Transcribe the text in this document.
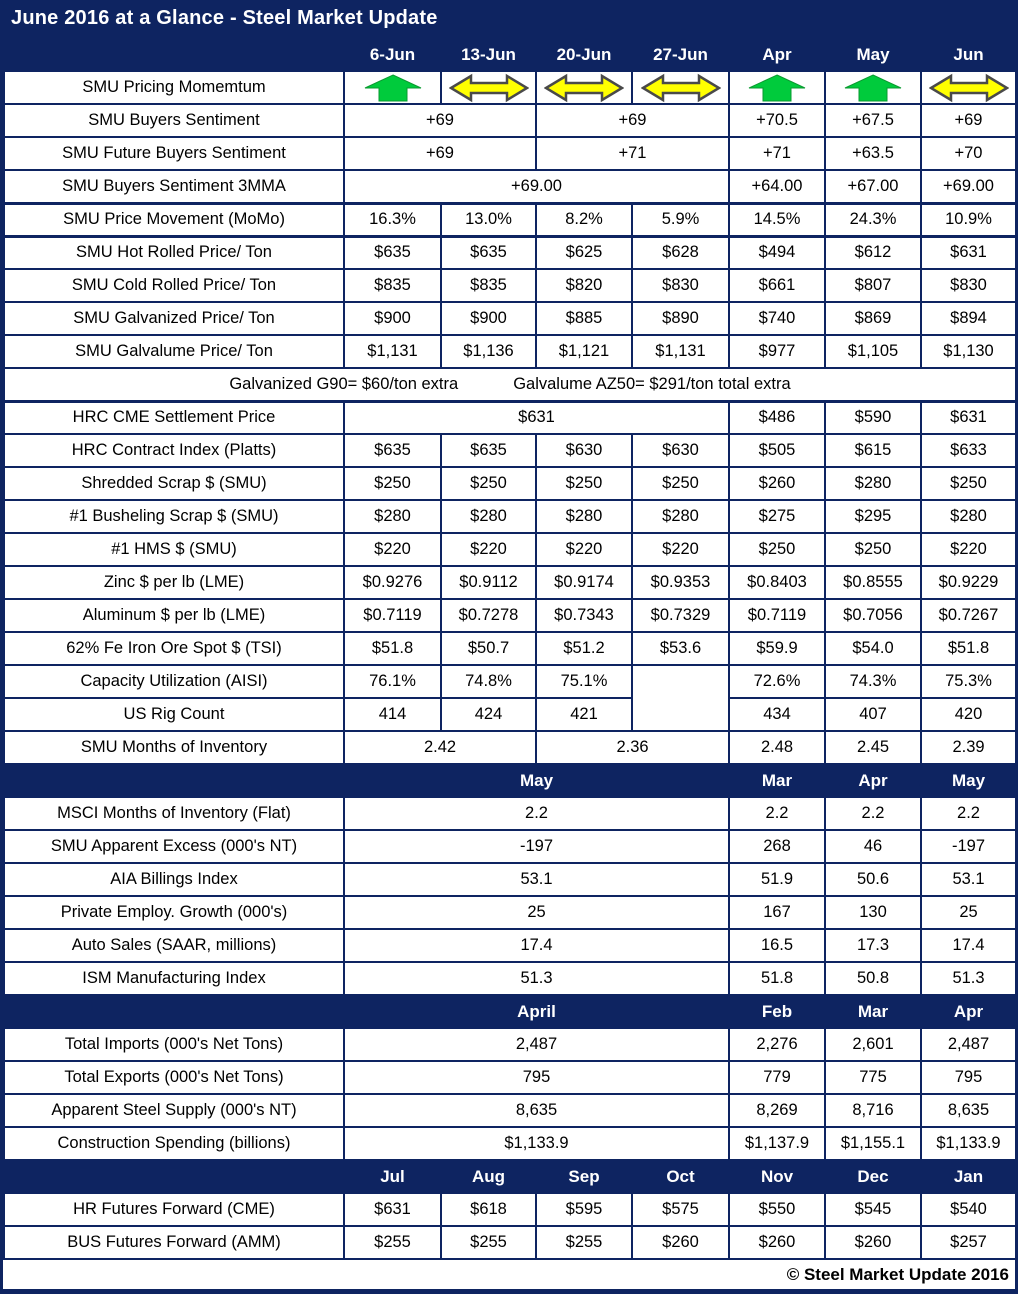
June 2016 at a Glance - Steel Market Update
	6-Jun	13-Jun	20-Jun	27-Jun	Apr	May	Jun
SMU Pricing Momemtum	

SMU Buyers Sentiment	+69		+69		+70.5	+67.5	+69
SMU Future Buyers Sentiment	+69		+71		+71	+63.5	+70
SMU Buyers Sentiment 3MMA	+69.00				+64.00	+67.00	+69.00
SMU Price Movement (MoMo)	16.3%	13.0%	8.2%	5.9%	14.5%	24.3%	10.9%
SMU Hot Rolled Price/ Ton	$635	$635	$625	$628	$494	$612	$631
SMU Cold Rolled Price/ Ton	$835	$835	$820	$830	$661	$807	$830
SMU Galvanized Price/ Ton	$900	$900	$885	$890	$740	$869	$894
SMU Galvalume Price/ Ton	$1,131	$1,136	$1,121	$1,131	$977	$1,105	$1,130
Galvanized G90= $60/ton extra Galvalume AZ50= $291/ton total extra							
HRC CME Settlement Price	$631				$486	$590	$631
HRC Contract Index (Platts)	$635	$635	$630	$630	$505	$615	$633
Shredded Scrap $ (SMU)	$250	$250	$250	$250	$260	$280	$250
#1 Busheling Scrap $ (SMU)	$280	$280	$280	$280	$275	$295	$280
#1 HMS $ (SMU)	$220	$220	$220	$220	$250	$250	$220
Zinc $ per lb (LME)	$0.9276	$0.9112	$0.9174	$0.9353	$0.8403	$0.8555	$0.9229
Aluminum $ per lb (LME)	$0.7119	$0.7278	$0.7343	$0.7329	$0.7119	$0.7056	$0.7267
62% Fe Iron Ore Spot $ (TSI)	$51.8	$50.7	$51.2	$53.6	$59.9	$54.0	$51.8
Capacity Utilization (AISI)	76.1%	74.8%	75.1%		72.6%	74.3%	75.3%
US Rig Count	414	424	421		434	407	420
SMU Months of Inventory	2.42		2.36		2.48	2.45	2.39
	May				Mar	Apr	May
MSCI Months of Inventory (Flat)	2.2				2.2	2.2	2.2
SMU Apparent Excess (000's NT)	-197				268	46	-197
AIA Billings Index	53.1				51.9	50.6	53.1
Private Employ. Growth (000's)	25				167	130	25
Auto Sales (SAAR, millions)	17.4				16.5	17.3	17.4
ISM Manufacturing Index	51.3				51.8	50.8	51.3
	April				Feb	Mar	Apr
Total Imports (000's Net Tons)	2,487				2,276	2,601	2,487
Total Exports (000's Net Tons)	795				779	775	795
Apparent Steel Supply (000's NT)	8,635				8,269	8,716	8,635
Construction Spending (billions)	$1,133.9				$1,137.9	$1,155.1	$1,133.9
	Jul	Aug	Sep	Oct	Nov	Dec	Jan
HR Futures Forward (CME)	$631	$618	$595	$575	$550	$545	$540
BUS Futures Forward (AMM)	$255	$255	$255	$260	$260	$260	$257
© Steel Market Update 2016
